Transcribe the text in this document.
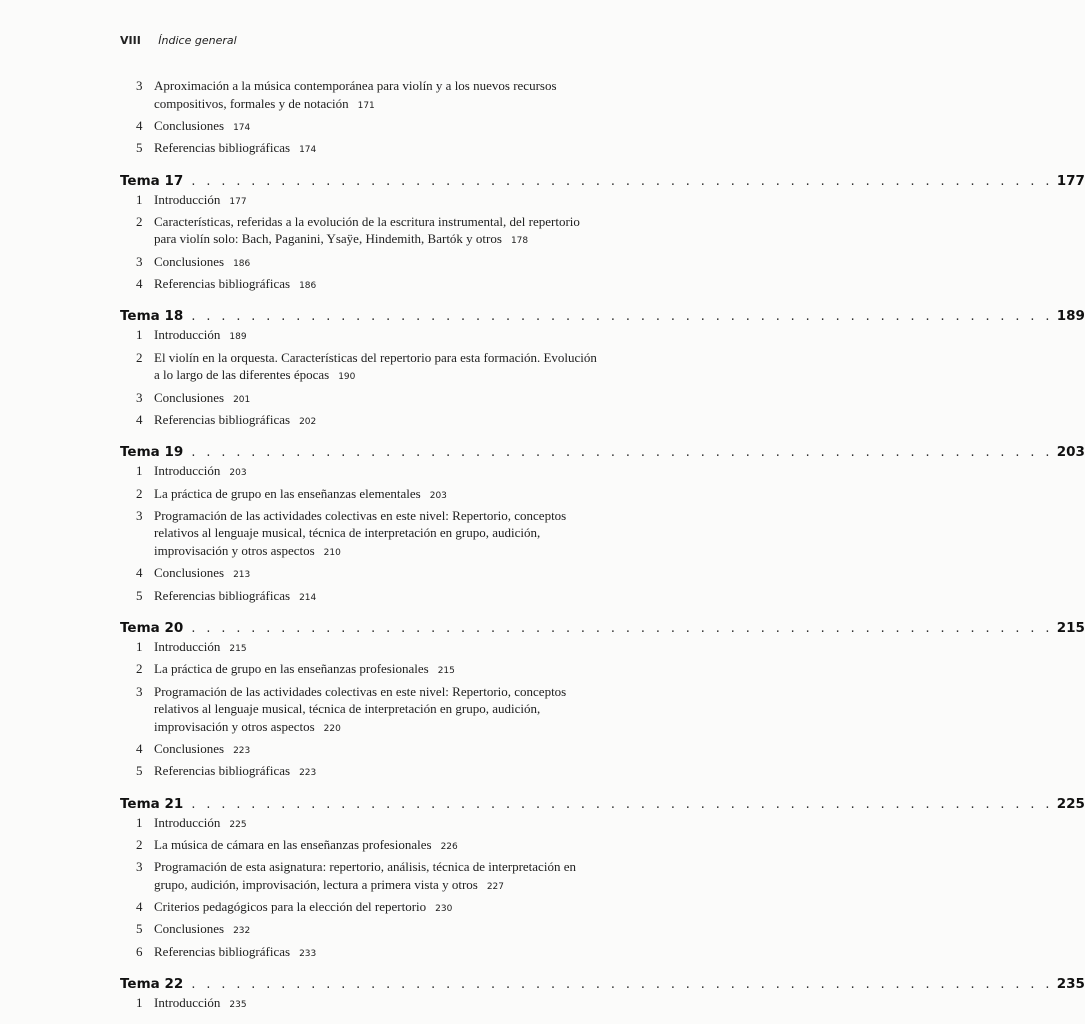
VIII Índice general
3 Aproximación a la música contemporánea para violín y a los nuevos recursos compositivos, formales y de notación 171
4 Conclusiones 174
5 Referencias bibliográficas 174
Tema 17 . . . . . . . . . . . . . . . . . . . . . . . . . . . . . . . . . . . . . . . . . . . . . . . . . . . . . . . . . . 177
1 Introducción 177
2 Características, referidas a la evolución de la escritura instrumental, del repertorio para violín solo: Bach, Paganini, Ysaÿe, Hindemith, Bartók y otros 178
3 Conclusiones 186
4 Referencias bibliográficas 186
Tema 18 . . . . . . . . . . . . . . . . . . . . . . . . . . . . . . . . . . . . . . . . . . . . . . . . . . . . . . . . . . 189
1 Introducción 189
2 El violín en la orquesta. Características del repertorio para esta formación. Evolución a lo largo de las diferentes épocas 190
3 Conclusiones 201
4 Referencias bibliográficas 202
Tema 19 . . . . . . . . . . . . . . . . . . . . . . . . . . . . . . . . . . . . . . . . . . . . . . . . . . . . . . . . . . 203
1 Introducción 203
2 La práctica de grupo en las enseñanzas elementales 203
3 Programación de las actividades colectivas en este nivel: Repertorio, conceptos relativos al lenguaje musical, técnica de interpretación en grupo, audición, improvisación y otros aspectos 210
4 Conclusiones 213
5 Referencias bibliográficas 214
Tema 20 . . . . . . . . . . . . . . . . . . . . . . . . . . . . . . . . . . . . . . . . . . . . . . . . . . . . . . . . . . 215
1 Introducción 215
2 La práctica de grupo en las enseñanzas profesionales 215
3 Programación de las actividades colectivas en este nivel: Repertorio, conceptos relativos al lenguaje musical, técnica de interpretación en grupo, audición, improvisación y otros aspectos 220
4 Conclusiones 223
5 Referencias bibliográficas 223
Tema 21 . . . . . . . . . . . . . . . . . . . . . . . . . . . . . . . . . . . . . . . . . . . . . . . . . . . . . . . . . . 225
1 Introducción 225
2 La música de cámara en las enseñanzas profesionales 226
3 Programación de esta asignatura: repertorio, análisis, técnica de interpretación en grupo, audición, improvisación, lectura a primera vista y otros 227
4 Criterios pedagógicos para la elección del repertorio 230
5 Conclusiones 232
6 Referencias bibliográficas 233
Tema 22 . . . . . . . . . . . . . . . . . . . . . . . . . . . . . . . . . . . . . . . . . . . . . . . . . . . . . . . . . . 235
1 Introducción 235
